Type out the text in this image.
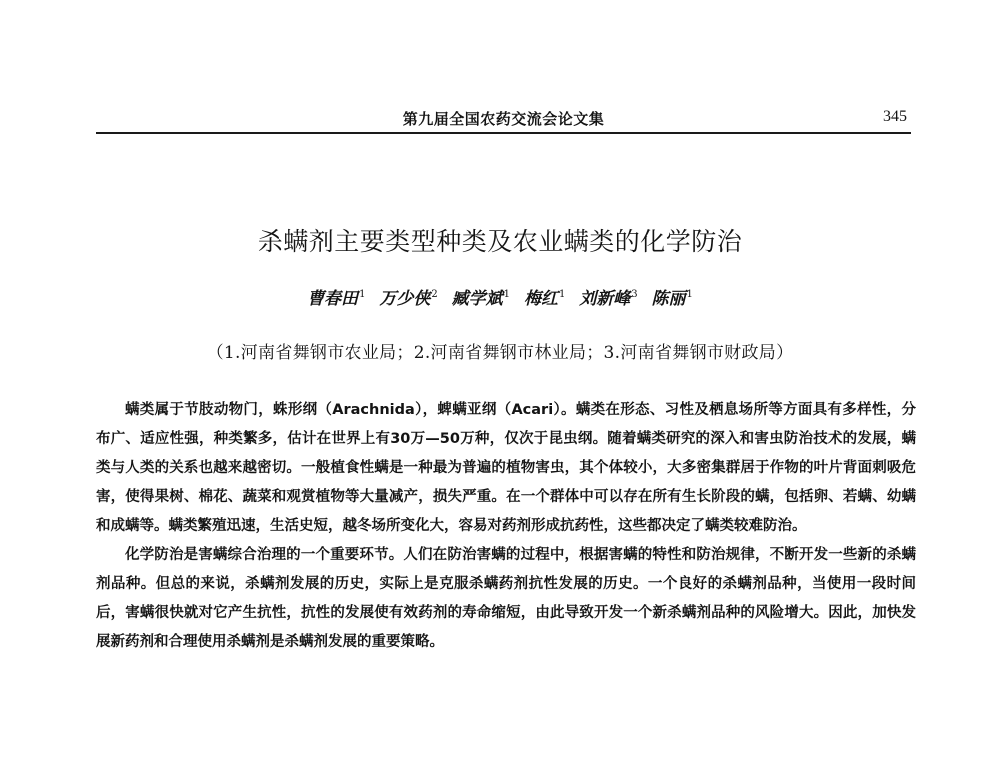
第九届全国农药交流会论文集	345
杀螨剂主要类型种类及农业螨类的化学防治
曹春田$^1$ 万少侠$^2$ 臧学斌$^1$ 梅红$^1$ 刘新峰$^3$ 陈丽$^1$
（1.河南省舞钢市农业局；2.河南省舞钢市林业局；3.河南省舞钢市财政局）

螨类属于节肢动物门，蛛形纲（Arachnida），蜱螨亚纲（Acari）。螨类在形态、习性及栖息场所等方面具有多样性，分布广、适应性强，种类繁多，估计在世界上有30万—50万种，仅次于昆虫纲。随着螨类研究的深入和害虫防治技术的发展，螨类与人类的关系也越来越密切。一般植食性螨是一种最为普遍的植物害虫，其个体较小，大多密集群居于作物的叶片背面刺吸危害，使得果树、棉花、蔬菜和观赏植物等大量减产，损失严重。在一个群体中可以存在所有生长阶段的螨，包括卵、若螨、幼螨和成螨等。螨类繁殖迅速，生活史短，越冬场所变化大，容易对药剂形成抗药性，这些都决定了螨类较难防治。

化学防治是害螨综合治理的一个重要环节。人们在防治害螨的过程中，根据害螨的特性和防治规律，不断开发一些新的杀螨剂品种。但总的来说，杀螨剂发展的历史，实际上是克服杀螨药剂抗性发展的历史。一个良好的杀螨剂品种，当使用一段时间后，害螨很快就对它产生抗性，抗性的发展使有效药剂的寿命缩短，由此导致开发一个新杀螨剂品种的风险增大。因此，加快发展新药剂和合理使用杀螨剂是杀螨剂发展的重要策略。
